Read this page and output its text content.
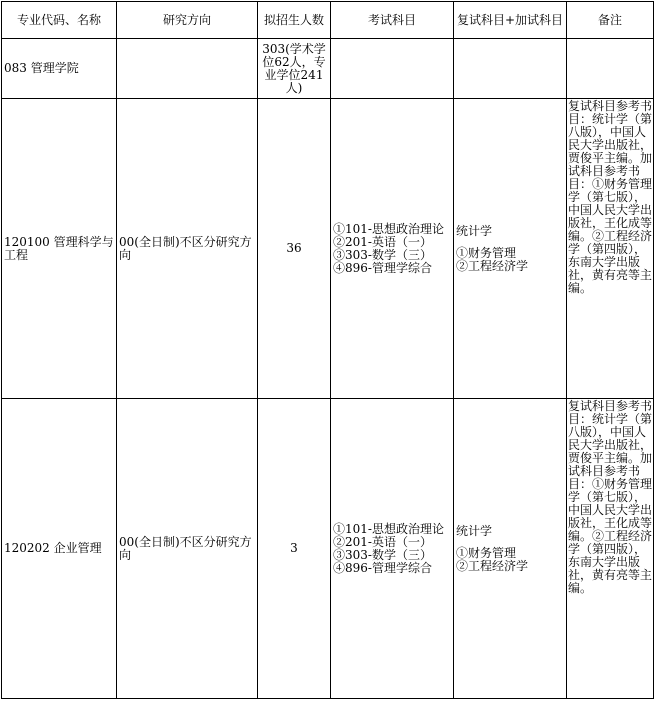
专业代码、名称	研究方向	拟招生人数	考试科目	复试科目+加试科目	备注
083 管理学院		303(学术学位62人，专业学位241人)			
120100 管理科学与工程	00(全日制)不区分研究方向	36	①101-思想政治理论
②201-英语（一）
③303-数学（三）
④896-管理学综合	统计学
①财务管理
②工程经济学	复试科目参考书目：统计学（第八版），中国人民大学出版社，贾俊平主编。加试科目参考书目：①财务管理学（第七版），中国人民大学出版社，王化成等编。②工程经济学（第四版），东南大学出版社，黄有亮等主编。
120202 企业管理	00(全日制)不区分研究方向	3	①101-思想政治理论
②201-英语（一）
③303-数学（三）
④896-管理学综合	统计学
①财务管理
②工程经济学	复试科目参考书目：统计学（第八版），中国人民大学出版社，贾俊平主编。加试科目参考书目：①财务管理学（第七版），中国人民大学出版社，王化成等编。②工程经济学（第四版），东南大学出版社，黄有亮等主编。
